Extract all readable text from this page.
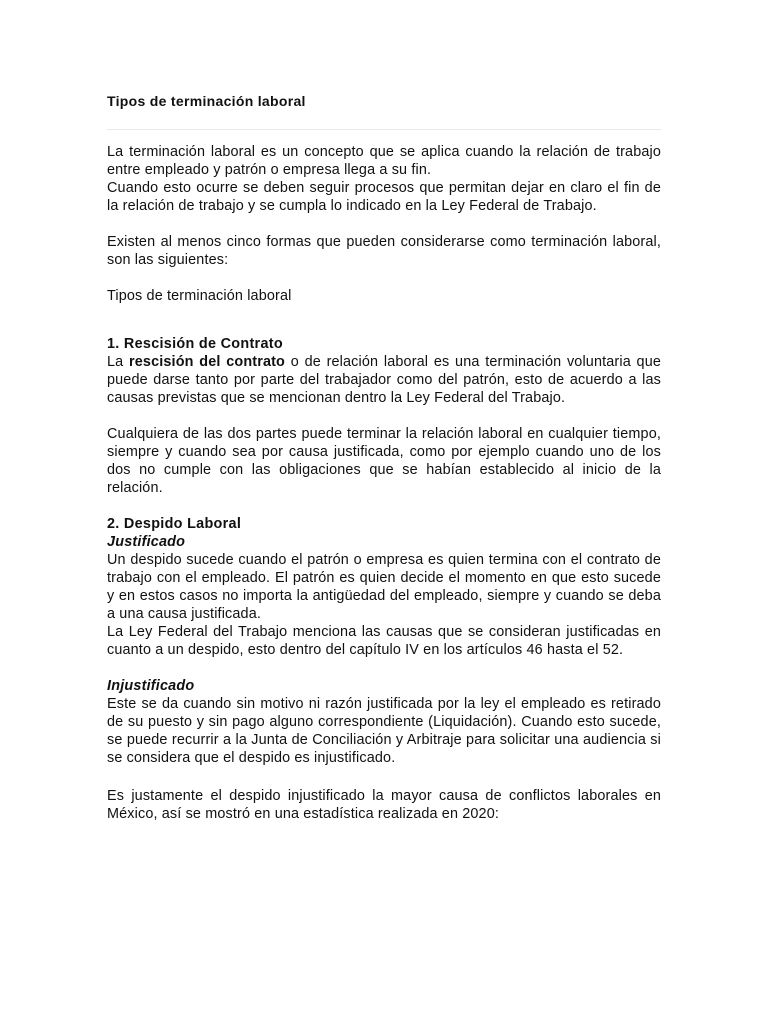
Tipos de terminación laboral

La terminación laboral es un concepto que se aplica cuando la relación de trabajo entre empleado y patrón o empresa llega a su fin.

Cuando esto ocurre se deben seguir procesos que permitan dejar en claro el fin de la relación de trabajo y se cumpla lo indicado en la Ley Federal de Trabajo.

Existen al menos cinco formas que pueden considerarse como terminación laboral, son las siguientes:

Tipos de terminación laboral

1. Rescisión de Contrato

La rescisión del contrato o de relación laboral es una terminación voluntaria que puede darse tanto por parte del trabajador como del patrón, esto de acuerdo a las causas previstas que se mencionan dentro la Ley Federal del Trabajo.

Cualquiera de las dos partes puede terminar la relación laboral en cualquier tiempo, siempre y cuando sea por causa justificada, como por ejemplo cuando uno de los dos no cumple con las obligaciones que se habían establecido al inicio de la relación.

2. Despido Laboral
Justificado

Un despido sucede cuando el patrón o empresa es quien termina con el contrato de trabajo con el empleado. El patrón es quien decide el momento en que esto sucede y en estos casos no importa la antigüedad del empleado, siempre y cuando se deba a una causa justificada.

La Ley Federal del Trabajo menciona las causas que se consideran justificadas en cuanto a un despido, esto dentro del capítulo IV en los artículos 46 hasta el 52.

Injustificado

Este se da cuando sin motivo ni razón justificada por la ley el empleado es retirado de su puesto y sin pago alguno correspondiente (Liquidación). Cuando esto sucede, se puede recurrir a la Junta de Conciliación y Arbitraje para solicitar una audiencia si se considera que el despido es injustificado.

Es justamente el despido injustificado la mayor causa de conflictos laborales en México, así se mostró en una estadística realizada en 2020:
